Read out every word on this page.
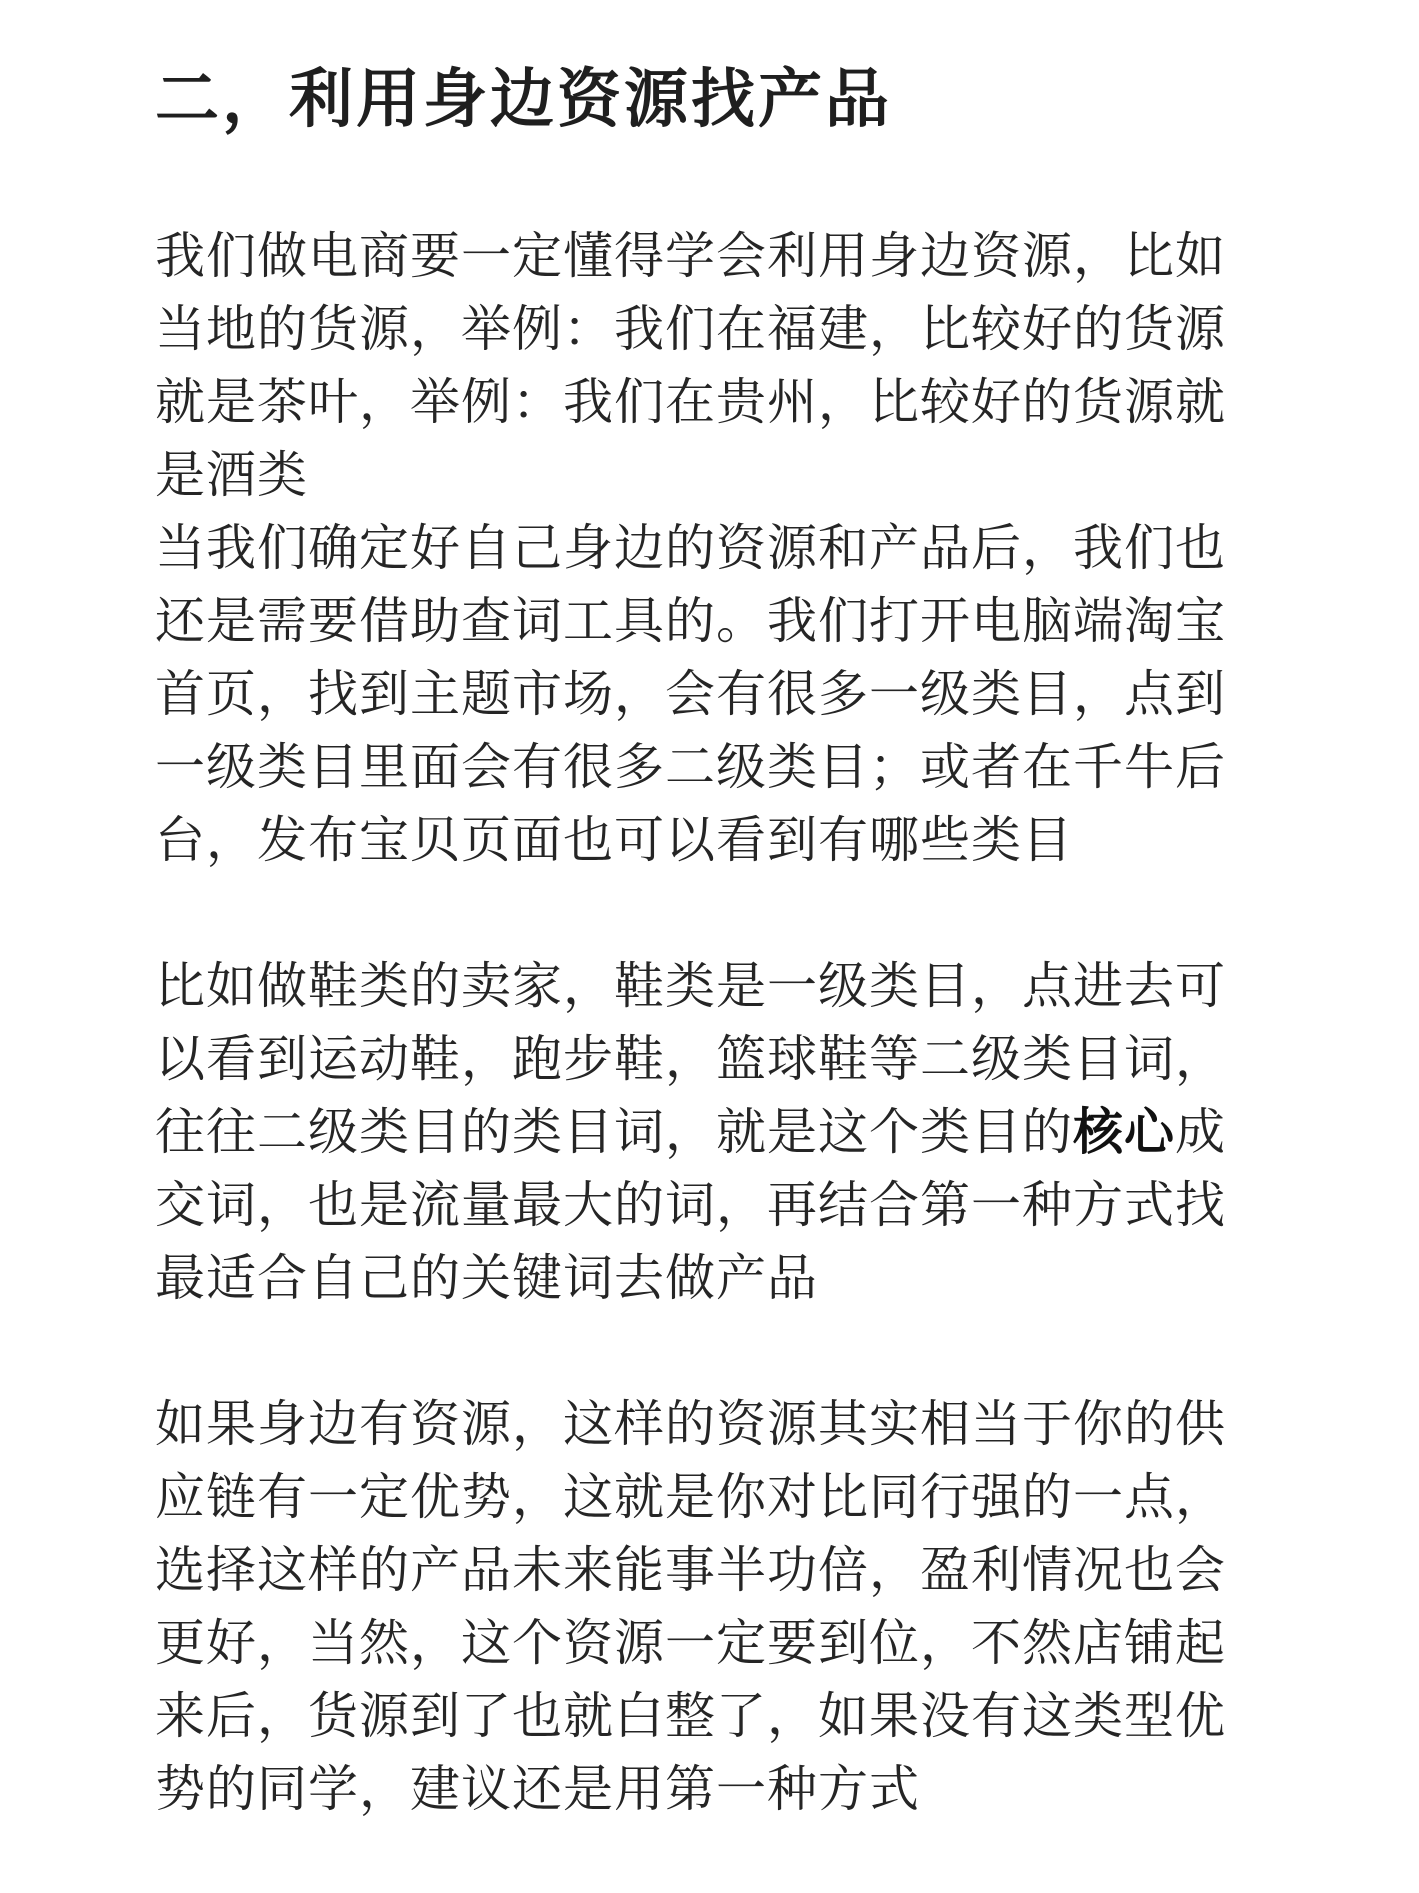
二，利用身边资源找产品
我们做电商要一定懂得学会利用身边资源，比如
当地的货源，举例：我们在福建，比较好的货源
就是茶叶，举例：我们在贵州，比较好的货源就
是酒类
当我们确定好自己身边的资源和产品后，我们也
还是需要借助查词工具的。我们打开电脑端淘宝
首页，找到主题市场，会有很多一级类目，点到
一级类目里面会有很多二级类目；或者在千牛后
台，发布宝贝页面也可以看到有哪些类目
比如做鞋类的卖家，鞋类是一级类目，点进去可
以看到运动鞋，跑步鞋，篮球鞋等二级类目词，
往往二级类目的类目词，就是这个类目的核心成
交词，也是流量最大的词，再结合第一种方式找
最适合自己的关键词去做产品
如果身边有资源，这样的资源其实相当于你的供
应链有一定优势，这就是你对比同行强的一点，
选择这样的产品未来能事半功倍，盈利情况也会
更好，当然，这个资源一定要到位，不然店铺起
来后，货源到了也就白整了，如果没有这类型优
势的同学，建议还是用第一种方式
